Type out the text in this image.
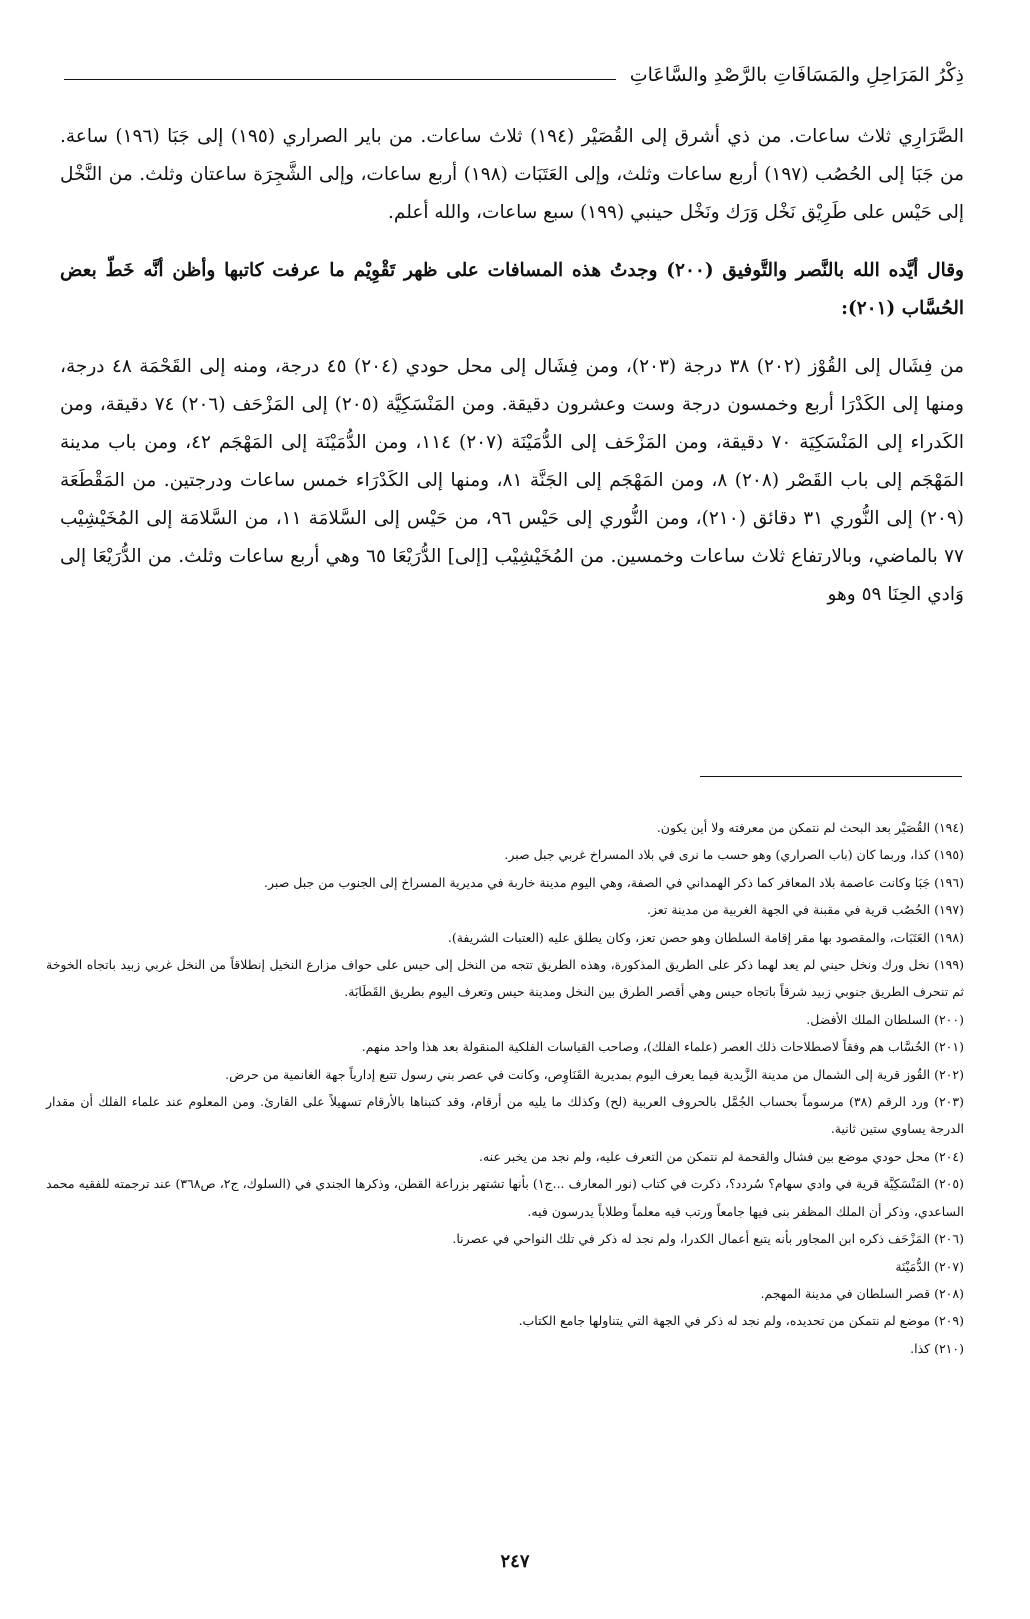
ذِكْرُ المَرَاحِلِ والمَسَافَاتِ بالرَّصْدِ والسَّاعَاتِ

الصَّرَارِي ثلاث ساعات. من ذي أشرق إلى القُصَيْر (١٩٤) ثلاث ساعات. من باير الصراري (١٩٥) إلى جَبَا (١٩٦) ساعة. من جَبَا إلى الحُصُب (١٩٧) أربع ساعات وثلث، وإلى العَتَبَات (١٩٨) أربع ساعات، وإلى الشَّجِرَة ساعتان وثلث. من النَّخْل إلى حَيْس على طَرِيْق نَخْل وَرَك ونَخْل حينبي (١٩٩) سبع ساعات، والله أعلم.

وقال أيَّده الله بالنَّصر والتَّوفيق (٢٠٠) وجدتُ هذه المسافات على ظهر تَقْوِيْم ما عرفت كاتبها وأظن أنَّه خَطّ بعض الحُسَّاب (٢٠١):

من فِشَال إلى القُوْز (٢٠٢) ٣٨ درجة (٢٠٣)، ومن فِشَال إلى محل حودي (٢٠٤) ٤٥ درجة، ومنه إلى القَحْمَة ٤٨ درجة، ومنها إلى الكَدْرَا أربع وخمسون درجة وست وعشرون دقيقة. ومن المَنْسَكِيَّة (٢٠٥) إلى المَزْحَف (٢٠٦) ٧٤ دقيقة، ومن الكَدراء إلى المَنْسَكِيَة ٧٠ دقيقة، ومن المَزْحَف إلى الدُّمَيْنَة (٢٠٧) ١١٤، ومن الدُّمَيْنَة إلى المَهْجَم ٤٢، ومن باب مدينة المَهْجَم إلى باب القَصْر (٢٠٨) ٨، ومن المَهْجَم إلى الجَنَّة ٨١، ومنها إلى الكَدْرَاء خمس ساعات ودرجتين. من المَقْطَعَة (٢٠٩) إلى النُّوري ٣١ دقائق (٢١٠)، ومن النُّوري إلى حَيْس ٩٦، من حَيْس إلى السَّلامَة ١١، من السَّلامَة إلى المُخَيْشِيْب ٧٧ بالماضي، وبالارتفاع ثلاث ساعات وخمسين. من المُخَيْشِيْب [إلى] الدُّرَيْعَا ٦٥ وهي أربع ساعات وثلث. من الدُّرَيْعَا إلى وَادي الحِنَا ٥٩ وهو

(١٩٤) القُصَيْر بعد البحث لم نتمكن من معرفته ولا أين يكون.

(١٩٥) كذا، وربما كان (باب الصراري) وهو حسب ما نرى في بلاد المسراخ غربي جبل صبر.

(١٩٦) جَبَا وكانت عاصمة بلاد المعافر كما ذكر الهمداني في الصفة، وهي اليوم مدينة خاربة في مديرية المسراخ إلى الجنوب من جبل صبر.

(١٩٧) الحُصُب قرية في مقبنة في الجهة الغربية من مدينة تعز.

(١٩٨) العَتَبَات، والمقصود بها مقر إقامة السلطان وهو حصن تعز، وكان يطلق عليه (العتبات الشريفة).

(١٩٩) نخل ورك ونخل حيني لم يعد لهما ذكر على الطريق المذكورة، وهذه الطريق تتجه من النخل إلى حيس على حواف مزارع النخيل إنطلاقاً من النخل غربي زبيد باتجاه الخوخة ثم تنحرف الطريق جنوبي زبيد شرقاً باتجاه حيس وهي أقصر الطرق بين النخل ومدينة حيس وتعرف اليوم بطريق القَطَابَة.

(٢٠٠) السلطان الملك الأفضل.

(٢٠١) الحُسَّاب هم وفقاً لاصطلاحات ذلك العصر (علماء الفلك)، وصاحب القياسات الفلكية المنقولة بعد هذا واحد منهم.

(٢٠٢) القُوز قرية إلى الشمال من مدينة الزَّيدية فيما يعرف اليوم بمديرية القَنَاوِص، وكانت في عصر بني رسول تتبع إدارياً جهة الغانمية من حرض.

(٢٠٣) ورد الرقم (٣٨) مرسوماً بحساب الجُمَّل بالحروف العربية (لح) وكذلك ما يليه من أرقام، وقد كتبناها بالأرقام تسهيلاً على القارئ. ومن المعلوم عند علماء الفلك أن مقدار الدرجة يساوي ستين ثانية.

(٢٠٤) محل حودي موضع بين فشال والقحمة لم نتمكن من التعرف عليه، ولم نجد من يخبر عنه.

(٢٠٥) المَنْسَكِيَّة قرية في وادي سهام؟ سُردد؟، ذكرت في كتاب (نور المعارف ...ج١) بأنها تشتهر بزراعة القطن، وذكرها الجندي في (السلوك، ج٢، ص٣٦٨) عند ترجمته للفقيه محمد الساعدي، وذكر أن الملك المظفر بنى فيها جامعاً ورتب فيه معلماً وطلاباً يدرسون فيه.

(٢٠٦) المَزْحَف ذكره ابن المجاور بأنه يتبع أعمال الكدرا، ولم نجد له ذكر في تلك النواحي في عصرنا.

(٢٠٧) الدُّمَيْنَة

(٢٠٨) قصر السلطان في مدينة المهجم.

(٢٠٩) موضع لم نتمكن من تحديده، ولم نجد له ذكر في الجهة التي يتناولها جامع الكتاب.

(٢١٠) كذا.

٢٤٧
